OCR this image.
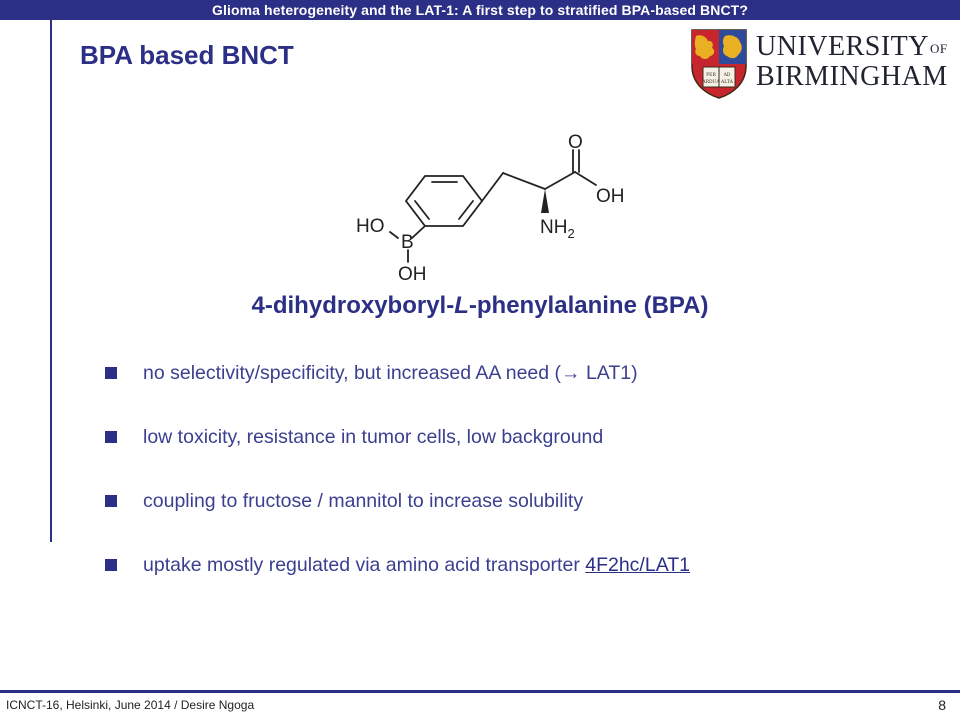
Glioma heterogeneity and the LAT-1: A first step to stratified BPA-based BNCT?
BPA based BNCT
PER AD
ARDUA ALTA
$UNIVERSITY^{OF}$
BIRMINGHAM
O
OH
$NH_2$
HO
B
OH
4-dihydroxyboryl-L-phenylalanine (BPA)
no selectivity/specificity, but increased AA need (→ LAT1)
low toxicity, resistance in tumor cells, low background
coupling to fructose / mannitol to increase solubility
uptake mostly regulated via amino acid transporter 4F2hc/LAT1
ICNCT-16, Helsinki, June 2014 / Desire Ngoga	8
